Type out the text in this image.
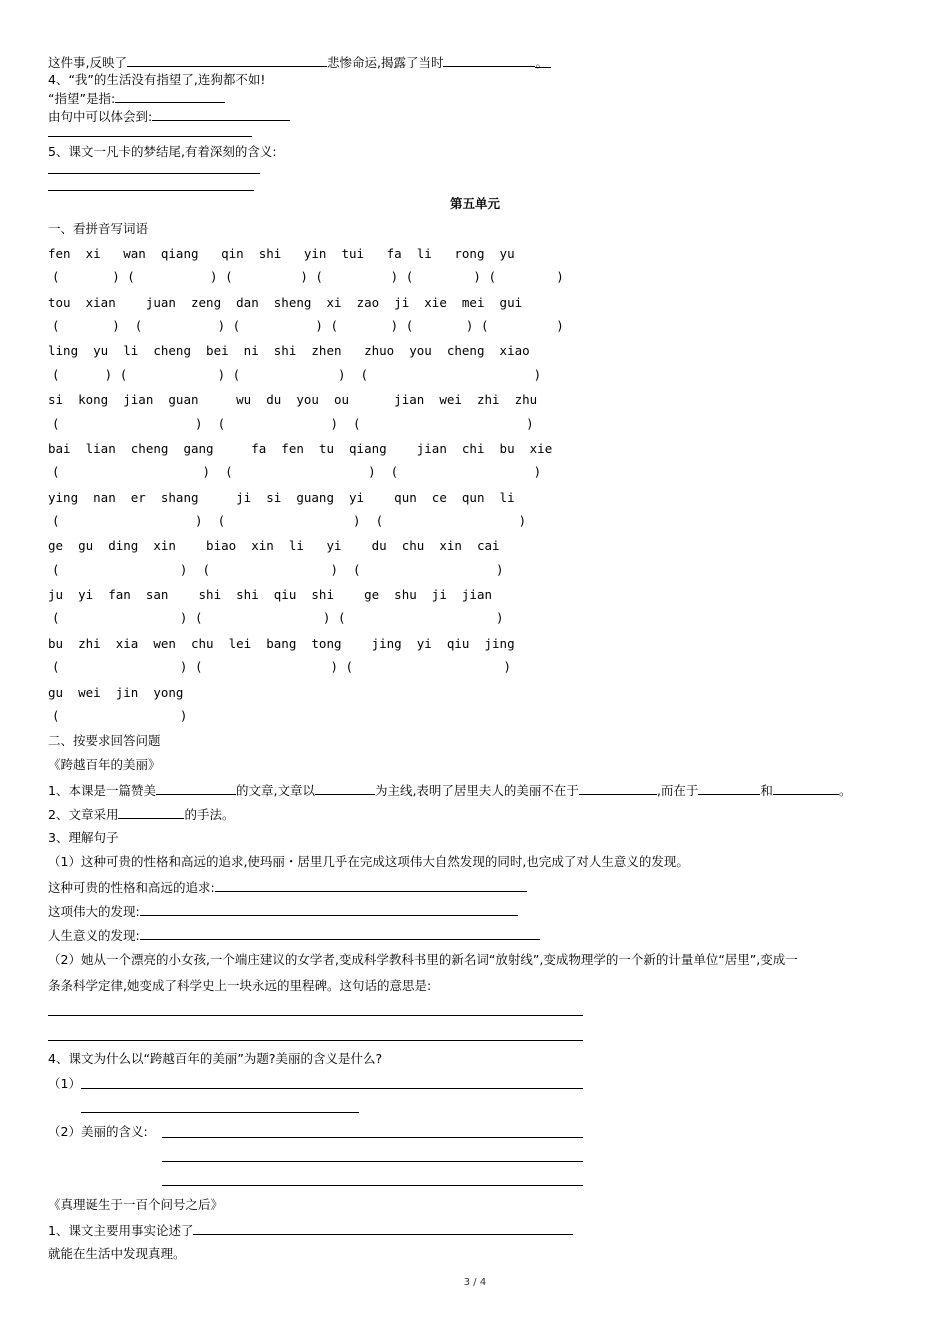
这件事,反映了	悲惨命运,揭露了当时	。
4、“我”的生活没有指望了,连狗都不如!
“指望”是指:
由句中可以体会到:
5、课文一凡卡的梦结尾,有着深刻的含义:
第五单元
一、看拼音写词语
fen  xi   wan  qiang   qin  shi   yin  tui   fa  li   rong  yu
(       ) (          ) (         ) (         ) (        ) (        )
tou  xian    juan  zeng  dan  sheng  xi  zao  ji  xie  mei  gui
(       )  (          ) (          ) (       ) (       ) (         )
ling  yu  li  cheng  bei  ni  shi  zhen   zhuo  you  cheng  xiao
(      ) (            ) (             )  (                      )
si  kong  jian  guan     wu  du  you  ou      jian  wei  zhi  zhu
(                  )  (              )  (                      )
bai  lian  cheng  gang     fa  fen  tu  qiang    jian  chi  bu  xie
(                   )  (                  )  (                  )
ying  nan  er  shang     ji  si  guang  yi    qun  ce  qun  li
(                  )  (                 )  (                  )
ge  gu  ding  xin    biao  xin  li   yi    du  chu  xin  cai
(                )  (                )  (                  )
ju  yi  fan  san    shi  shi  qiu  shi    ge  shu  ji  jian
(                ) (                ) (                    )
bu  zhi  xia  wen  chu  lei  bang  tong    jing  yi  qiu  jing
(                ) (                 ) (                    )
gu  wei  jin  yong
(                )
二、按要求回答问题
《跨越百年的美丽》
1、本课是一篇赞美	的文章,文章以	为主线,表明了居里夫人的美丽不在于	,而在于	和	。
2、文章采用	的手法。
3、理解句子
（1）这种可贵的性格和高远的追求,使玛丽・居里几乎在完成这项伟大自然发现的同时,也完成了对人生意义的发现。
这种可贵的性格和高远的追求:
这项伟大的发现:
人生意义的发现:
（2）她从一个漂亮的小女孩,一个端庄建议的女学者,变成科学教科书里的新名词“放射线”,变成物理学的一个新的计量单位“居里”,变成一
条条科学定律,她变成了科学史上一块永远的里程碑。这句话的意思是:
4、课文为什么以“跨越百年的美丽”为题?美丽的含义是什么?
（1）
（2）美丽的含义:
《真理诞生于一百个问号之后》
1、课文主要用事实论述了
就能在生活中发现真理。
3 / 4
